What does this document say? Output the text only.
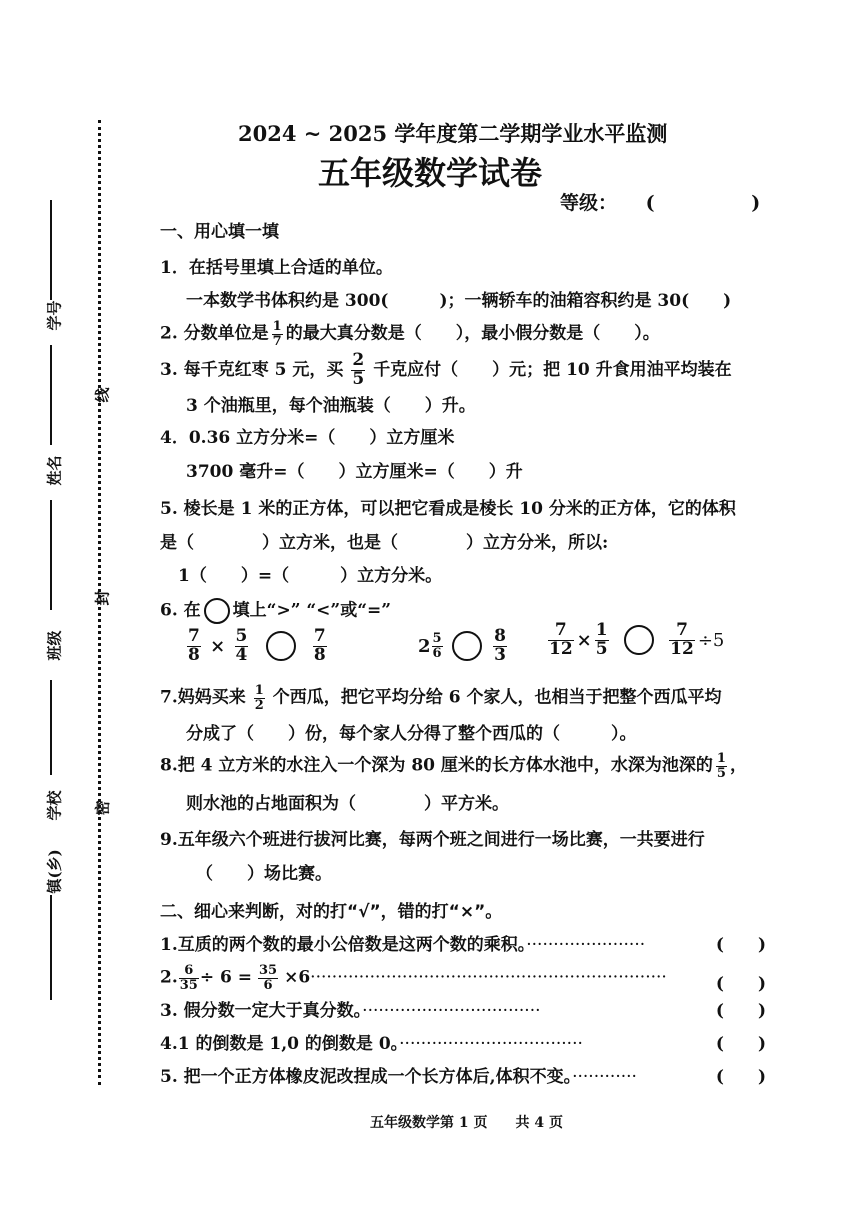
学号
姓名
班级
学校
镇(乡)
线
封
密
2024 ~ 2025 学年度第二学期学业水平监测
五年级数学试卷
等级： (	)
一、用心填一填
1．在括号里填上合适的单位。
一本数学书体积约是 300(　　　)；一辆轿车的油箱容积约是 30(　　)
2. 分数单位是 $\frac{1}{7}$ 的最大真分数是（　　），最小假分数是（　　）。
3. 每千克红枣 5 元，买 $\frac{2}{5}$ 千克应付（　　）元；把 10 升食用油平均装在
3 个油瓶里，每个油瓶装（　　）升。
4．0.36 立方分米=（　　）立方厘米
3700 毫升=（　　）立方厘米=（　　）升
5. 棱长是 1 米的正方体，可以把它看成是棱长 10 分米的正方体，它的体积
是（　　　　）立方米，也是（　　　　）立方分米，所以:
1（　　）=（　　　）立方分米。
6. 在 填上“>” “<”或“=”
$\frac{7}{8} \times \frac{5}{4}$
	$\frac{7}{8}$	$2 \frac{5}{6}$
	$\frac{8}{3} \frac{7}{12} \times \frac{1}{5}$
	$\frac{7}{12} \div 5$
7.妈妈买来 $\frac{1}{2}$ 个西瓜，把它平均分给 6 个家人，也相当于把整个西瓜平均
分成了（　　）份，每个家人分得了整个西瓜的（　　　）。
8.把 4 立方米的水注入一个深为 80 厘米的长方体水池中，水深为池深的 $\frac{1}{5}$ ，
则水池的占地面积为（　　　　）平方米。
9.五年级六个班进行拔河比赛，每两个班之间进行一场比赛，一共要进行
（　　）场比赛。
二、细心来判断，对的打“√”，错的打“×”。
1.互质的两个数的最小公倍数是这两个数的乘积。······················	(　　)
2. $\frac{6}{35} \div 6 = \frac{35}{6} \times 6\cdot\cdot\cdot\cdot\cdot\cdot\cdot\cdot\cdot\cdot\cdot\cdot\cdot\cdot\cdot\cdot\cdot\cdot\cdot\cdot\cdot\cdot\cdot\cdot\cdot\cdot\cdot\cdot\cdot\cdot\cdot\cdot\cdot\cdot\cdot\cdot\cdot\cdot\cdot\cdot\cdot\cdot\cdot\cdot\cdot\cdot\cdot\cdot\cdot\cdot\cdot\cdot\cdot\cdot\cdot\cdot\cdot\cdot\cdot\cdot\cdot\cdot\cdot\cdot\cdot\cdot$	(　　)
3. 假分数一定大于真分数。·································	(　　)
4.1 的倒数是 1,0 的倒数是 0。··································	(　　)
5. 把一个正方体橡皮泥改捏成一个长方体后,体积不变。············	(　　)
五年级数学第 1 页　　共 4 页
